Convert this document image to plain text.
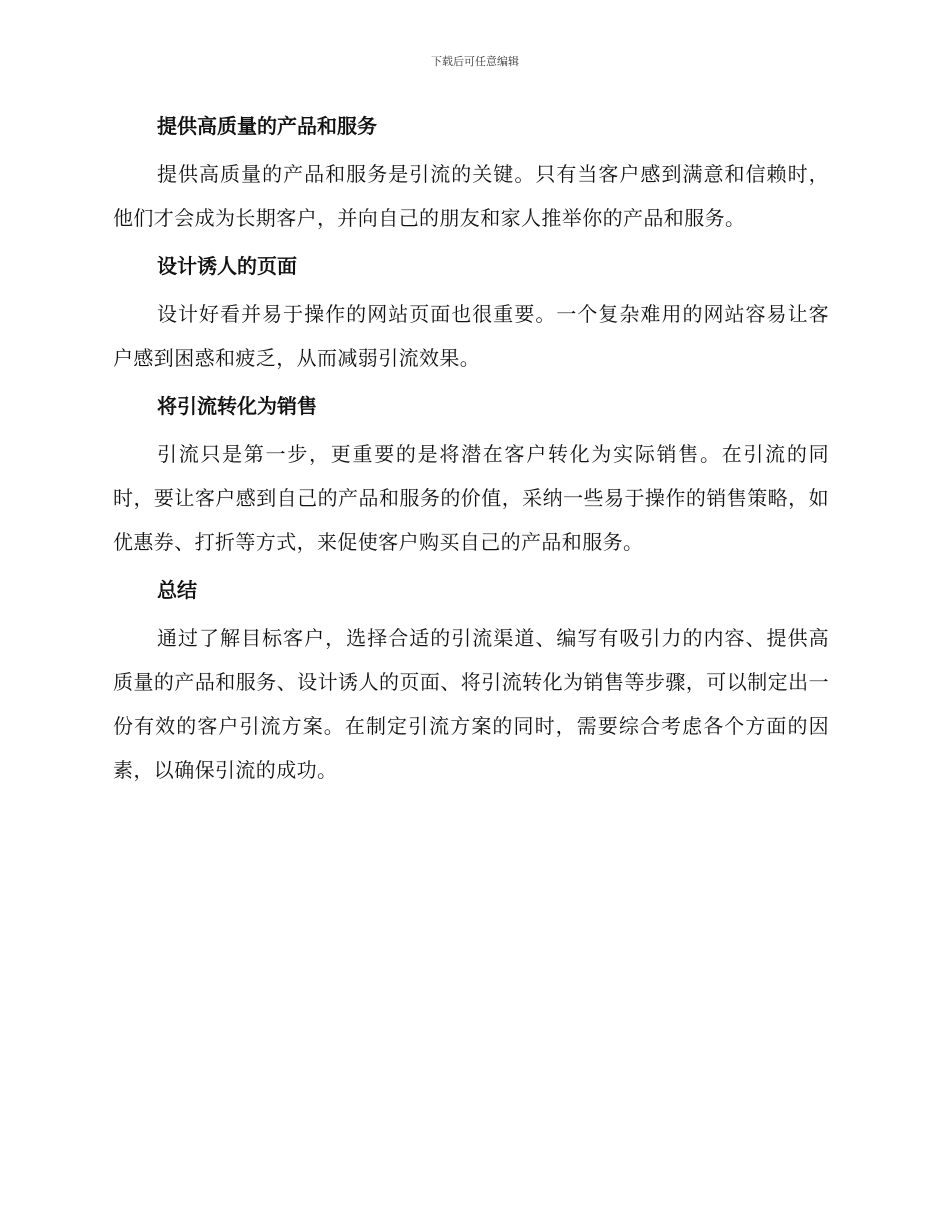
下载后可任意编辑
提供高质量的产品和服务

提供高质量的产品和服务是引流的关键。只有当客户感到满意和信赖时，他们才会成为长期客户，并向自己的朋友和家人推举你的产品和服务。

设计诱人的页面

设计好看并易于操作的网站页面也很重要。一个复杂难用的网站容易让客户感到困惑和疲乏，从而减弱引流效果。

将引流转化为销售

引流只是第一步，更重要的是将潜在客户转化为实际销售。在引流的同时，要让客户感到自己的产品和服务的价值，采纳一些易于操作的销售策略，如优惠券、打折等方式，来促使客户购买自己的产品和服务。

总结

通过了解目标客户，选择合适的引流渠道、编写有吸引力的内容、提供高质量的产品和服务、设计诱人的页面、将引流转化为销售等步骤，可以制定出一份有效的客户引流方案。在制定引流方案的同时，需要综合考虑各个方面的因素，以确保引流的成功。
